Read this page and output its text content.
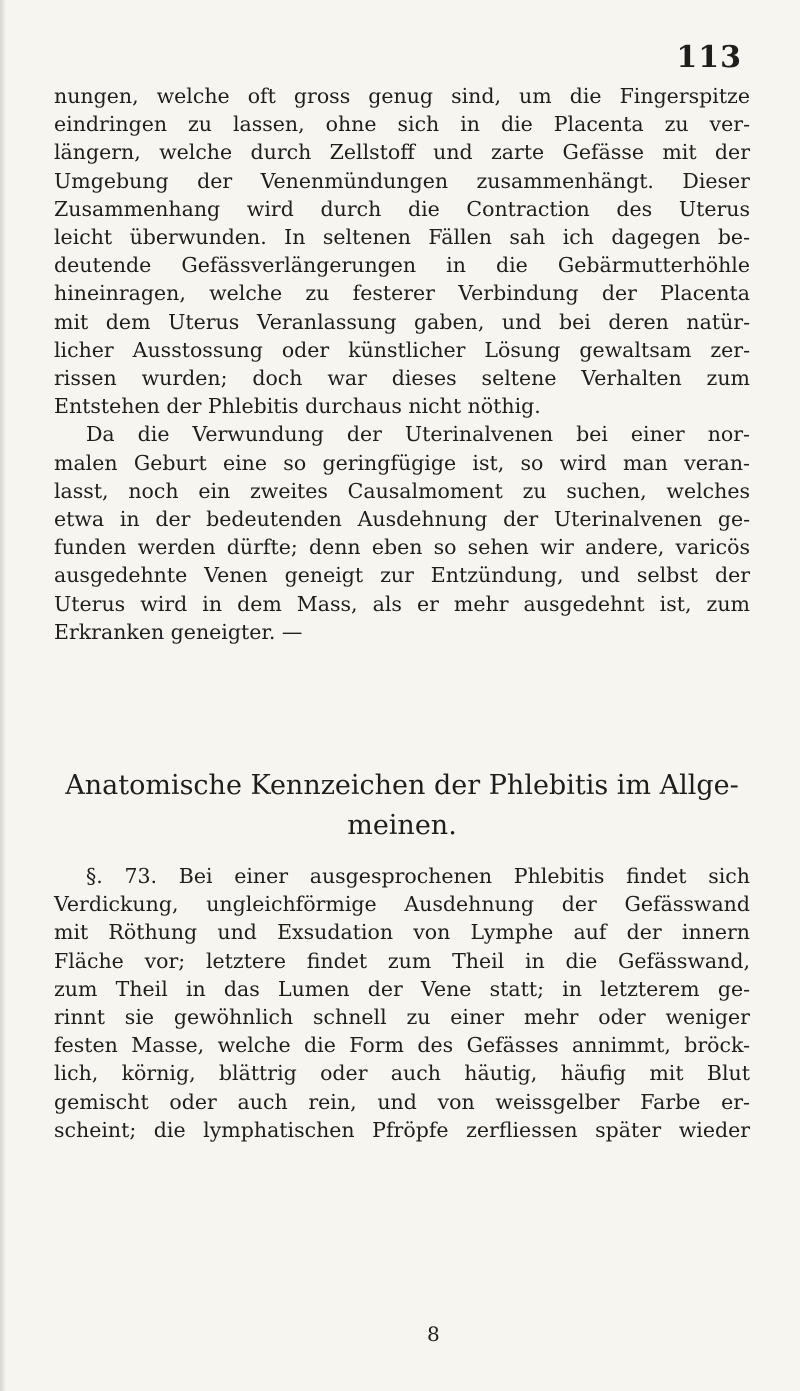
113
nungen, welche oft gross genug sind, um die Fingerspitze
eindringen zu lassen, ohne sich in die Placenta zu ver-
längern, welche durch Zellstoff und zarte Gefässe mit der
Umgebung der Venenmündungen zusammenhängt. Dieser
Zusammenhang wird durch die Contraction des Uterus
leicht überwunden. In seltenen Fällen sah ich dagegen be-
deutende Gefässverlängerungen in die Gebärmutterhöhle
hineinragen, welche zu festerer Verbindung der Placenta
mit dem Uterus Veranlassung gaben, und bei deren natür-
licher Ausstossung oder künstlicher Lösung gewaltsam zer-
rissen wurden; doch war dieses seltene Verhalten zum
Entstehen der Phlebitis durchaus nicht nöthig.
Da die Verwundung der Uterinalvenen bei einer nor-
malen Geburt eine so geringfügige ist, so wird man veran-
lasst, noch ein zweites Causalmoment zu suchen, welches
etwa in der bedeutenden Ausdehnung der Uterinalvenen ge-
funden werden dürfte; denn eben so sehen wir andere, varicös
ausgedehnte Venen geneigt zur Entzündung, und selbst der
Uterus wird in dem Mass, als er mehr ausgedehnt ist, zum
Erkranken geneigter. —
Anatomische Kennzeichen der Phlebitis im Allge-
meinen.
§. 73. Bei einer ausgesprochenen Phlebitis findet sich
Verdickung, ungleichförmige Ausdehnung der Gefässwand
mit Röthung und Exsudation von Lymphe auf der innern
Fläche vor; letztere findet zum Theil in die Gefässwand,
zum Theil in das Lumen der Vene statt; in letzterem ge-
rinnt sie gewöhnlich schnell zu einer mehr oder weniger
festen Masse, welche die Form des Gefässes annimmt, bröck-
lich, körnig, blättrig oder auch häutig, häufig mit Blut
gemischt oder auch rein, und von weissgelber Farbe er-
scheint; die lymphatischen Pfröpfe zerfliessen später wieder
8
